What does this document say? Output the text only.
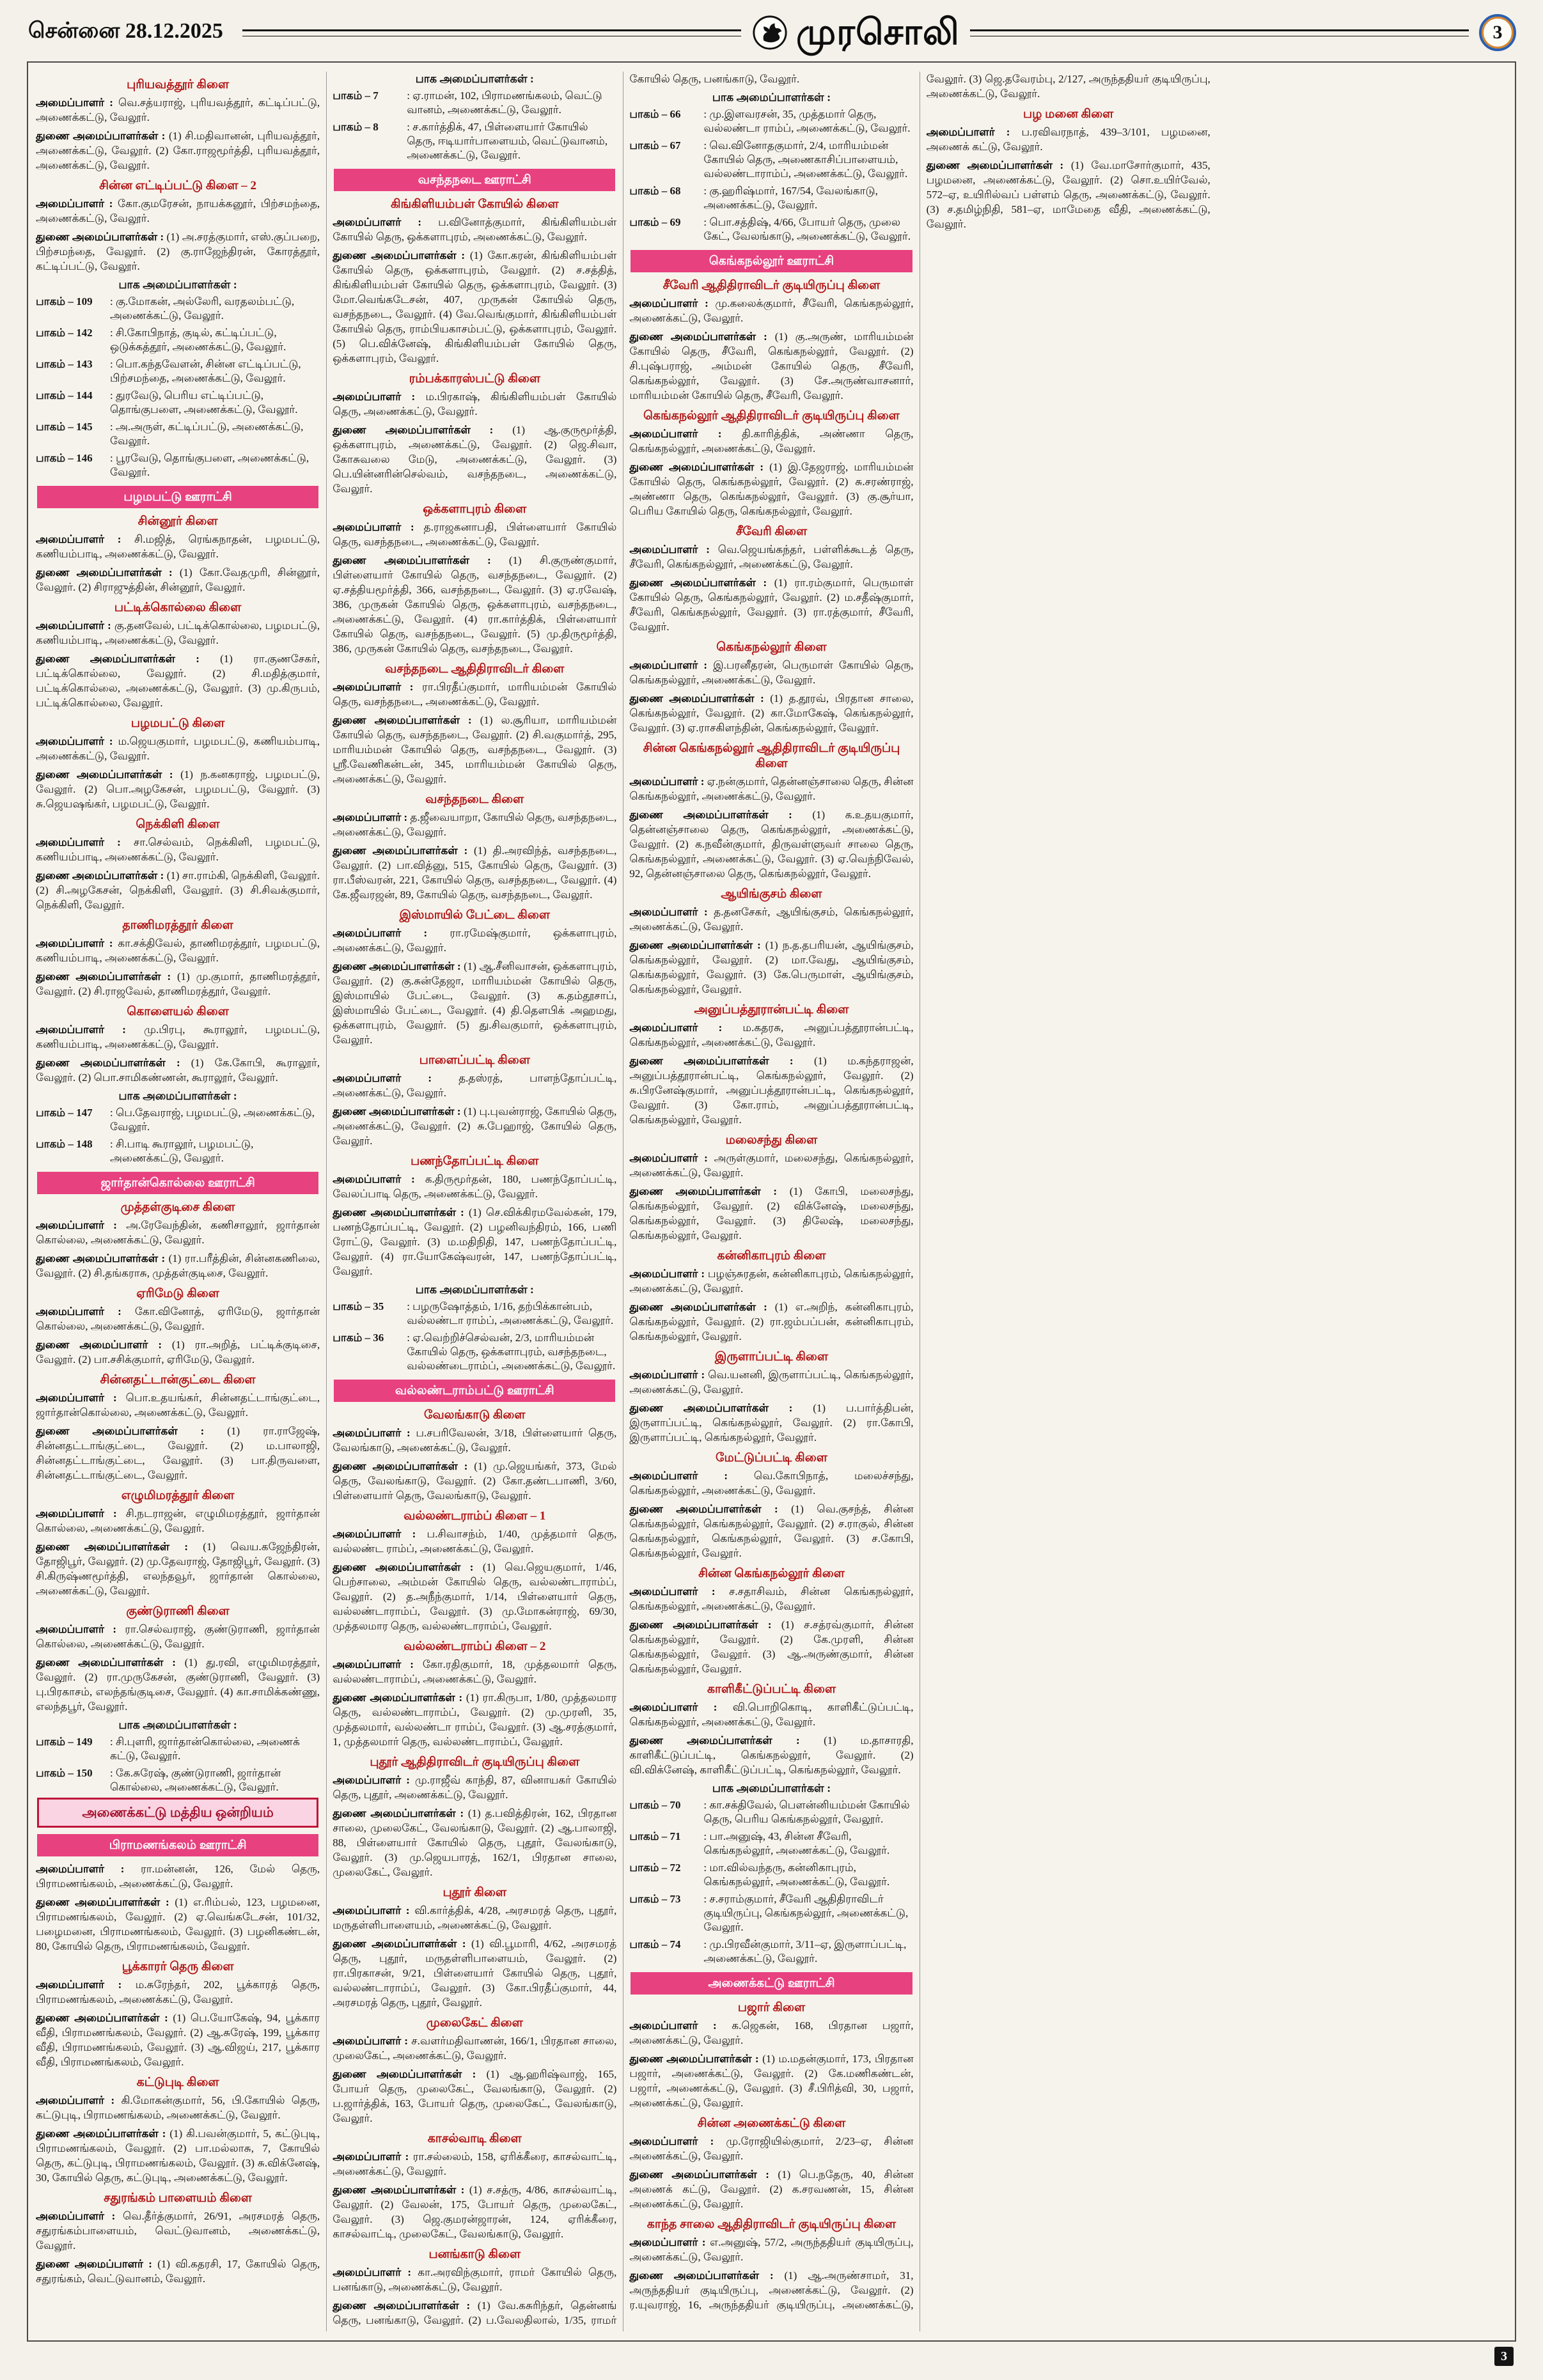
சென்னை 28.12.2025	முரசொலி	3
புரியவத்தூர் கிளை
அமைப்பாளர் : வெ.சத்யராஜ், புரியவத்தூர், கட்டிப்பட்டு, அணைக்கட்டு, வேலூர்.
துணை அமைப்பாளர்கள் : (1) சி.மதிவானன், புரியவத்தூர், அணைக்கட்டு, வேலூர். (2) கோ.ராஜமூர்த்தி, புரியவத்தூர், அணைக்கட்டு, வேலூர்.
சின்ன எட்டிப்பட்டு கிளை – 2
அமைப்பாளர் : கோ.குமரேசன், நாயக்கனூர், பிற்சமந்தை, அணைக்கட்டு, வேலூர்.
துணை அமைப்பாளர்கள் : (1) அ.சரத்குமார், எஸ்.குப்பறை, பிற்சமந்தை, வேலூர். (2) கு.ராஜேந்திரன், கோரத்தூர், கட்டிப்பட்டு, வேலூர்.
பாக அமைப்பாளர்கள் :
பாகம் – 109	: கு.மோகன், அல்லேரி, வரதலம்பட்டு, அணைக்கட்டு, வேலூர்.
பாகம் – 142	: சி.கோபிநாத், குடில், கட்டிப்பட்டு, ஒடுக்கத்தூர், அணைக்கட்டு, வேலூர்.
பாகம் – 143	: பொ.கந்தவேளன், சின்ன எட்டிப்பட்டு, பிற்சமந்தை, அணைக்கட்டு, வேலூர்.
பாகம் – 144	: துரவேடு, பெரிய எட்டிப்பட்டு, தொங்குபளை, அணைக்கட்டு, வேலூர்.
பாகம் – 145	: அ.அருள், கட்டிப்பட்டு, அணைக்கட்டு, வேலூர்.
பாகம் – 146	: பூரவேடு, தொங்குபளை, அணைக்கட்டு, வேலூர்.
பழமபட்டு ஊராட்சி
சின்னூர் கிளை
அமைப்பாளர் : சி.மஜித், ரெங்கநாதன், பழமபட்டு, கணியம்பாடி, அணைக்கட்டு, வேலூர்.
துணை அமைப்பாளர்கள் : (1) கோ.வேதமுரி, சின்னூர், வேலூர். (2) சிராஜுத்தின், சின்னூர், வேலூர்.
பட்டிக்கொல்லை கிளை
அமைப்பாளர் : கு.தனவேல், பட்டிக்கொல்லை, பழமபட்டு, கணியம்பாடி, அணைக்கட்டு, வேலூர்.
துணை அமைப்பாளர்கள் : (1) ரா.குணசேகர், பட்டிக்கொல்லை, வேலூர். (2) சி.மதித்குமார், பட்டிக்கொல்லை, அணைக்கட்டு, வேலூர். (3) மு.கிருபம், பட்டிக்கொல்லை, வேலூர்.
பழமபட்டு கிளை
அமைப்பாளர் : ம.ஜெயகுமார், பழமபட்டு, கணியம்பாடி, அணைக்கட்டு, வேலூர்.
துணை அமைப்பாளர்கள் : (1) ந.கனகராஜ், பழமபட்டு, வேலூர். (2) பொ.அழகேசன், பழமபட்டு, வேலூர். (3) சு.ஜெயஷங்கர், பழமபட்டு, வேலூர்.
நெக்கிளி கிளை
அமைப்பாளர் : சா.செல்வம், நெக்கிளி, பழமபட்டு, கணியம்பாடி, அணைக்கட்டு, வேலூர்.
துணை அமைப்பாளர்கள் : (1) சா.ராம்கி, நெக்கிளி, வேலூர். (2) சி.அழகேசன், நெக்கிளி, வேலூர். (3) சி.சிவக்குமார், நெக்கிளி, வேலூர்.
தாணிமரத்தூர் கிளை
அமைப்பாளர் : கா.சக்திவேல், தாணிமரத்தூர், பழமபட்டு, கணியம்பாடி, அணைக்கட்டு, வேலூர்.
துணை அமைப்பாளர்கள் : (1) மு.குமார், தாணிமரத்தூர், வேலூர். (2) சி.ராஜவேல், தாணிமரத்தூர், வேலூர்.
கொளையல் கிளை
அமைப்பாளர் : மு.பிரபு, கூராலூர், பழமபட்டு, கணியம்பாடி, அணைக்கட்டு, வேலூர்.
துணை அமைப்பாளர்கள் : (1) கே.கோபி, கூராலூர், வேலூர். (2) பொ.சாமிகண்ணன், கூராலூர், வேலூர்.
பாக அமைப்பாளர்கள் :
பாகம் – 147	: பெ.தேவராஜ், பழமபட்டு, அணைக்கட்டு, வேலூர்.
பாகம் – 148	: சி.பாடி கூராலூர், பழமபட்டு, அணைக்கட்டு, வேலூர்.
ஜார்தான்கொல்லை ஊராட்சி
முத்தள்குடிசை கிளை
அமைப்பாளர் : அ.ரேவேந்தின், கணிசாலூர், ஜார்தான் கொல்லை, அணைக்கட்டு, வேலூர்.
துணை அமைப்பாளர்கள் : (1) ரா.பரீத்தின், சின்னகணிலை, வேலூர். (2) சி.தங்கராசு, முத்தள்குடிசை, வேலூர்.
ஏரிமேடு கிளை
அமைப்பாளர் : கோ.வினோத், ஏரிமேடு, ஜார்தான் கொல்லை, அணைக்கட்டு, வேலூர்.
துணை அமைப்பாளர் : (1) ரா.அறித், பட்டிக்குடிசை, வேலூர். (2) பா.சசிக்குமார், ஏரிமேடு, வேலூர்.
சின்னதட்டான்குட்டை கிளை
அமைப்பாளர் : பொ.உதயங்கர், சின்னதட்டாங்குட்டை, ஜார்தான்கொல்லை, அணைக்கட்டு, வேலூர்.
துணை அமைப்பாளர்கள் : (1) ரா.ராஜேஷ், சின்னதட்டாங்குட்டை, வேலூர். (2) ம.பாலாஜி, சின்னதட்டாங்குட்டை, வேலூர். (3) பா.திருவளை, சின்னதட்டாங்குட்டை, வேலூர்.
எழுமிமரத்தூர் கிளை
அமைப்பாளர் : சி.நடராஜன், எழுமிமரத்தூர், ஜார்தான் கொல்லை, அணைக்கட்டு, வேலூர்.
துணை அமைப்பாளர்கள் : (1) வெய.கஜேந்திரன், தோஜிபூர், வேலூர். (2) மு.தேவராஜ், தோஜிபூர், வேலூர். (3) சி.கிருஷ்ணமூர்த்தி, எலந்தவூர், ஜார்தான் கொல்லை, அணைக்கட்டு, வேலூர்.
குண்டுராணி கிளை
அமைப்பாளர் : ரா.செல்வராஜ், குண்டுராணி, ஜார்தான் கொல்லை, அணைக்கட்டு, வேலூர்.
துணை அமைப்பாளர்கள் : (1) து.ரவி, எழுமிமரத்தூர், வேலூர். (2) ரா.முருகேசன், குண்டுராணி, வேலூர். (3) பு.பிரகாசம், எலந்தங்குடிசை, வேலூர். (4) கா.சாமிக்கண்ணு, எலந்தபூர், வேலூர்.
பாக அமைப்பாளர்கள் :
பாகம் – 149	: சி.புளரி, ஜார்தான்கொல்லை, அணைக் கட்டு, வேலூர்.
பாகம் – 150	: கே.சுரேஷ், குண்டுராணி, ஜார்தான் கொல்லை, அணைக்கட்டு, வேலூர்.
அணைக்கட்டு மத்திய ஒன்றியம்
பிராமணங்கலம் ஊராட்சி
அமைப்பாளர் : ரா.மன்னன், 126, மேல் தெரு, பிராமணங்கலம், அணைக்கட்டு, வேலூர்.
துணை அமைப்பாளர்கள் : (1) எ.ரிம்பல், 123, பழமனை, பிராமணங்கலம், வேலூர். (2) ஏ.வெங்கடேசன், 101/32, பழைமனை, பிராமணங்கலம், வேலூர். (3) பழனிகண்டன், 80, கோயில் தெரு, பிராமணங்கலம், வேலூர்.
பூக்காரர் தெரு கிளை
அமைப்பாளர் : ம.சுரேந்தர், 202, பூக்காரத் தெரு, பிராமணங்கலம், அணைக்கட்டு, வேலூர்.
துணை அமைப்பாளர்கள் : (1) பெ.யோகேஷ், 94, பூக்கார வீதி, பிராமணங்கலம், வேலூர். (2) ஆ.சுரேஷ், 199, பூக்கார வீதி, பிராமணங்கலம், வேலூர். (3) ஆ.விஜய், 217, பூக்கார வீதி, பிராமணங்கலம், வேலூர்.
கட்டுபுடி கிளை
அமைப்பாளர் : கி.மோகன்குமார், 56, பி.கோயில் தெரு, கட்டுபுடி, பிராமணங்கலம், அணைக்கட்டு, வேலூர்.
துணை அமைப்பாளர்கள் : (1) கி.பவன்குமார், 5, கட்டுபுடி, பிராமணங்கலம், வேலூர். (2) பா.மல்லாசு, 7, கோயில் தெரு, கட்டுபுடி, பிராமணங்கலம், வேலூர். (3) சு.விக்னேஷ், 30, கோயில் தெரு, கட்டுபுடி, அணைக்கட்டு, வேலூர்.
சதுரங்கம் பாளையம் கிளை
அமைப்பாளர் : வெ.தீர்த்குமார், 26/91, அரசமரத் தெரு, சதுரங்கம்பாளையம், வெட்டுவானம், அணைக்கட்டு, வேலூர்.
துணை அமைப்பாளர் : (1) வி.கதரசி, 17, கோயில் தெரு, சதுரங்கம், வெட்டுவானம், வேலூர்.
பாக அமைப்பாளர்கள் :
பாகம் – 7	: ஏ.ராமன், 102, பிராமணங்கலம், வெட்டு வானம், அணைக்கட்டு, வேலூர்.
பாகம் – 8	: ச.கார்த்திக், 47, பிள்ளையார் கோயில் தெரு, ஈடியார்பாளையம், வெட்டுவானம், அணைக்கட்டு, வேலூர்.
வசந்தநடை ஊராட்சி
கிங்கிளியம்பள் கோயில் கிளை
அமைப்பாளர் : ப.வினோத்குமார், கிங்கிளியம்பள் கோயில் தெரு, ஒக்களாபுரம், அணைக்கட்டு, வேலூர்.
துணை அமைப்பாளர்கள் : (1) கோ.கரன், கிங்கிளியம்பள் கோயில் தெரு, ஒக்களாபுரம், வேலூர். (2) ச.சத்தித், கிங்கிளியம்பள் கோயில் தெரு, ஒக்களாபுரம், வேலூர். (3) மோ.வெங்கடேசன், 407, முருகன் கோயில் தெரு, வசந்தநடை, வேலூர். (4) வே.வெங்குமார், கிங்கிளியம்பள் கோயில் தெரு, ராம்பியகாசம்பட்டு, ஒக்களாபுரம், வேலூர். (5) பெ.விக்னேஷ், கிங்கிளியம்பள் கோயில் தெரு, ஒக்களாபுரம், வேலூர்.
ரம்பக்காரஸ்பட்டு கிளை
அமைப்பாளர் : ம.பிரகாஷ், கிங்கிளியம்பள் கோயில் தெரு, அணைக்கட்டு, வேலூர்.
துணை அமைப்பாளர்கள் : (1) ஆ.குருமூர்த்தி, ஒக்களாபுரம், அணைக்கட்டு, வேலூர். (2) ஜெ.சிவா, கோசுவலை மேடு, அணைக்கட்டு, வேலூர். (3) பெ.யின்னரின்செல்வம், வசந்தநடை, அணைக்கட்டு, வேலூர்.
ஒக்களாபுரம் கிளை
அமைப்பாளர் : த.ராஜகனாபதி, பிள்ளையார் கோயில் தெரு, வசந்தநடை, அணைக்கட்டு, வேலூர்.
துணை அமைப்பாளர்கள் : (1) சி.குருண்குமார், பிள்ளையார் கோயில் தெரு, வசந்தநடை, வேலூர். (2) ஏ.சத்தியமூர்த்தி, 366, வசந்தநடை, வேலூர். (3) ஏ.ரவேஷ், 386, முருகன் கோயில் தெரு, ஒக்களாபுரம், வசந்தநடை, அணைக்கட்டு, வேலூர். (4) ரா.கார்த்திக், பிள்ளையார் கோயில் தெரு, வசந்தநடை, வேலூர். (5) மு.திருமூர்த்தி, 386, முருகன் கோயில் தெரு, வசந்தநடை, வேலூர்.
வசந்தநடை ஆதிதிராவிடர் கிளை
அமைப்பாளர் : ரா.பிரதீப்குமார், மாரியம்மன் கோயில் தெரு, வசந்தநடை, அணைக்கட்டு, வேலூர்.
துணை அமைப்பாளர்கள் : (1) ல.சூரியா, மாரியம்மன் கோயில் தெரு, வசந்தநடை, வேலூர். (2) சி.வகுமார்த், 295, மாரியம்மன் கோயில் தெரு, வசந்தநடை, வேலூர். (3) ஸ்ரீ.வேணிகன்டன், 345, மாரியம்மன் கோயில் தெரு, அணைக்கட்டு, வேலூர்.
வசந்தநடை கிளை
அமைப்பாளர் : த.ஜீவையாறா, கோயில் தெரு, வசந்தநடை, அணைக்கட்டு, வேலூர்.
துணை அமைப்பாளர்கள் : (1) தி.அரவிந்த், வசந்தநடை, வேலூர். (2) பா.வித்னு, 515, கோயில் தெரு, வேலூர். (3) ரா.பீஸ்வரன், 221, கோயில் தெரு, வசந்தநடை, வேலூர். (4) கே.ஜீவரஜன், 89, கோயில் தெரு, வசந்தநடை, வேலூர்.
இஸ்மாயில் பேட்டை கிளை
அமைப்பாளர் : ரா.ரமேஷ்குமார், ஒக்களாபுரம், அணைக்கட்டு, வேலூர்.
துணை அமைப்பாளர்கள் : (1) ஆ.சீனிவாசன், ஒக்களாபுரம், வேலூர். (2) கு.சுன்தேஜா, மாரியம்மன் கோயில் தெரு, இஸ்மாயில் பேட்டை, வேலூர். (3) க.தம்தூசாப், இஸ்மாயில் பேட்டை, வேலூர். (4) தி.தௌபிக் அஹமது, ஒக்களாபுரம், வேலூர். (5) து.சிவகுமார், ஒக்களாபுரம், வேலூர்.
பாளைப்பட்டி கிளை
அமைப்பாளர் : த.தஸ்ரத், பாளந்தோப்பட்டி, அணைக்கட்டு, வேலூர்.
துணை அமைப்பாளர்கள் : (1) பு.புவன்ராஜ், கோயில் தெரு, அணைக்கட்டு, வேலூர். (2) சு.பேஹாஜ், கோயில் தெரு, வேலூர்.
பணந்தோப்பட்டி கிளை
அமைப்பாளர் : க.திருமூர்தன், 180, பணந்தோப்பட்டி, வேலப்பாடி தெரு, அணைக்கட்டு, வேலூர்.
துணை அமைப்பாளர்கள் : (1) செ.விக்கிரமவேல்கன், 179, பணந்தோப்பட்டி, வேலூர். (2) பழனிவந்திரம், 166, பணி ரோட்டு, வேலூர். (3) ம.மதிநிதி, 147, பணந்தோப்பட்டி, வேலூர். (4) ரா.யோகேஷ்வரன், 147, பணந்தோப்பட்டி, வேலூர்.
பாக அமைப்பாளர்கள் :
பாகம் – 35	: பழருஷோத்தம், 1/16, தற்பிக்கான்பம், வல்லண்டா ராம்ப், அணைக்கட்டு, வேலூர்.
பாகம் – 36	: ஏ.வெற்றிச்செல்வன், 2/3, மாரியம்மன் கோயில் தெரு, ஒக்களாபுரம், வசந்தநடை, வல்லண்டைராம்ப், அணைக்கட்டு, வேலூர்.
வல்லண்டராம்பட்டு ஊராட்சி
வேலங்காடு கிளை
அமைப்பாளர் : ப.சபரிவேலன், 3/18, பிள்ளையார் தெரு, வேலங்காடு, அணைக்கட்டு, வேலூர்.
துணை அமைப்பாளர்கள் : (1) மு.ஜெயங்கர், 373, மேல் தெரு, வேலங்காடு, வேலூர். (2) கோ.தண்டபாணி, 3/60, பிள்ளையார் தெரு, வேலங்காடு, வேலூர்.
வல்லண்டராம்ப் கிளை – 1
அமைப்பாளர் : ப.சிவாசந்ம், 1/40, முத்தமார் தெரு, வல்லண்ட ராம்ப், அணைக்கட்டு, வேலூர்.
துணை அமைப்பாளர்கள் : (1) வெ.ஜெயகுமார், 1/46, பெற்சாலை, அம்மன் கோயில் தெரு, வல்லண்டாராம்ப், வேலூர். (2) த.அநீந்குமார், 1/14, பிள்ளையார் தெரு, வல்லண்டாராம்ப், வேலூர். (3) மு.மோகன்ராஜ், 69/30, முத்தலமார தெரு, வல்லண்டாராம்ப், வேலூர்.
வல்லண்டராம்ப் கிளை – 2
அமைப்பாளர் : கோ.ரதிகுமார், 18, முத்தலமார் தெரு, வல்லண்டாராம்ப், அணைக்கட்டு, வேலூர்.
துணை அமைப்பாளர்கள் : (1) ரா.கிருபா, 1/80, முத்தலமார தெரு, வல்லண்டாராம்ப், வேலூர். (2) மு.முரளி, 35, முத்தலமார், வல்லண்டா ராம்ப், வேலூர். (3) ஆ.சரத்குமார், 1, முத்தலமார் தெரு, வல்லண்டாராம்ப், வேலூர்.
புதூர் ஆதிதிராவிடர் குடியிருப்பு கிளை
அமைப்பாளர் : மு.ராஜீவ் காந்தி, 87, வினாயகர் கோயில் தெரு, புதூர், அணைக்கட்டு, வேலூர்.
துணை அமைப்பாளர்கள் : (1) த.பவித்திரன், 162, பிரதான சாலை, முலைகேட், வேலங்காடு, வேலூர். (2) ஆ.பாலாஜி, 88, பிள்ளையார் கோயில் தெரு, புதூர், வேலங்காடு, வேலூர். (3) மு.ஜெயபாரத், 162/1, பிரதான சாலை, முலைகேட், வேலூர்.
புதூர் கிளை
அமைப்பாளர் : வி.கார்த்திக், 4/28, அரசமரத் தெரு, புதூர், மருதள்ளிபாளையம், அணைக்கட்டு, வேலூர்.
துணை அமைப்பாளர்கள் : (1) வி.பூமாரி, 4/62, அரசமரத் தெரு, புதூர், மருதள்ளிபாளையம், வேலூர். (2) ரா.பிரகாசன், 9/21, பிள்ளையார் கோயில் தெரு, புதூர், வல்லண்டாராம்ப், வேலூர். (3) கோ.பிரதீப்குமார், 44, அரசமரத் தெரு, புதூர், வேலூர்.
முலைகேட் கிளை
அமைப்பாளர் : ச.வளர்மதிவாணன், 166/1, பிரதான சாலை, முலைகேட், அணைக்கட்டு, வேலூர்.
துணை அமைப்பாளர்கள் : (1) ஆ.ஹரிஷ்வாஜ், 165, போயர் தெரு, முலைகேட், வேலங்காடு, வேலூர். (2) ப.ஜார்த்திக், 163, போயர் தெரு, முலைகேட், வேலங்காடு, வேலூர்.
காசல்வாடி கிளை
அமைப்பாளர் : ரா.சல்லைம், 158, ஏரிக்கீரை, காசல்வாட்டி, அணைக்கட்டு, வேலூர்.
துணை அமைப்பாளர்கள் : (1) ச.சத்ரு, 4/86, காசல்வாட்டி, வேலூர். (2) வேலன், 175, போயர் தெரு, முலைகேட், வேலூர். (3) ஜெ.குமரன்ஜாரன், 124, ஏரிக்கீரை, காசல்வாட்டி, முலைகேட், வேலங்காடு, வேலூர்.
பனங்காடு கிளை
அமைப்பாளர் : கா.அரவிந்குமார், ராமர் கோயில் தெரு, பனங்காடு, அணைக்கட்டு, வேலூர்.
துணை அமைப்பாளர்கள் : (1) வே.கசுரிந்தர், தென்னங் தெரு, பனங்காடு, வேலூர். (2) ப.வேலதிலால், 1/35, ராமர் கோயில் தெரு, பனங்காடு, வேலூர்.
பாக அமைப்பாளர்கள் :
பாகம் – 66	: மு.இளவரசன், 35, முத்தமார் தெரு, வல்லண்டா ராம்ப், அணைக்கட்டு, வேலூர்.
பாகம் – 67	: வெ.வினோதகுமார், 2/4, மாரியம்மன் கோயில் தெரு, அணைகாசிப்பாளையம், வல்லண்டாராம்ப், அணைக்கட்டு, வேலூர்.
பாகம் – 68	: கு.ஹரிஷ்மார், 167/54, வேலங்காடு, அணைக்கட்டு, வேலூர்.
பாகம் – 69	: பொ.சத்திஷ், 4/66, போயர் தெரு, முலை கேட், வேலங்காடு, அணைக்கட்டு, வேலூர்.
கெங்கநல்லூர் ஊராட்சி
சீவேரி ஆதிதிராவிடர் குடியிருப்பு கிளை
அமைப்பாளர் : மு.கலைக்குமார், சீவேரி, கெங்கநல்லூர், அணைக்கட்டு, வேலூர்.
துணை அமைப்பாளர்கள் : (1) கு.அருண், மாரியம்மன் கோயில் தெரு, சீவேரி, கெங்கநல்லூர், வேலூர். (2) சி.புஷ்பராஜ், அம்மன் கோயில் தெரு, சீவேரி, கெங்கநல்லூர், வேலூர். (3) சே.அருண்வாசனார், மாரியம்மன் கோயில் தெரு, சீவேரி, வேலூர்.
கெங்கநல்லூர் ஆதிதிராவிடர் குடியிருப்பு கிளை
அமைப்பாளர் : தி.காரித்திக், அண்ணா தெரு, கெங்கநல்லூர், அணைக்கட்டு, வேலூர்.
துணை அமைப்பாளர்கள் : (1) இ.தேஜராஜ், மாரியம்மன் கோயில் தெரு, கெங்கநல்லூர், வேலூர். (2) சு.சரண்ராஜ், அண்ணா தெரு, கெங்கநல்லூர், வேலூர். (3) கு.சூர்யா, பெரிய கோயில் தெரு, கெங்கநல்லூர், வேலூர்.
சீவேரி கிளை
அமைப்பாளர் : வெ.ஜெயங்கந்தர், பள்ளிக்கூடத் தெரு, சீவேரி, கெங்கநல்லூர், அணைக்கட்டு, வேலூர்.
துணை அமைப்பாளர்கள் : (1) ரா.ரம்குமார், பெருமாள் கோயில் தெரு, கெங்கநல்லூர், வேலூர். (2) ம.சதீஷ்குமார், சீவேரி, கெங்கநல்லூர், வேலூர். (3) ரா.ரத்குமார், சீவேரி, வேலூர்.
கெங்கநல்லூர் கிளை
அமைப்பாளர் : இ.பரனீதரன், பெருமாள் கோயில் தெரு, கெங்கநல்லூர், அணைக்கட்டு, வேலூர்.
துணை அமைப்பாளர்கள் : (1) த.தூரவ், பிரதான சாலை, கெங்கநல்லூர், வேலூர். (2) கா.மோகேஷ், கெங்கநல்லூர், வேலூர். (3) ஏ.ராசகிளந்தின், கெங்கநல்லூர், வேலூர்.
சின்ன கெங்கநல்லூர் ஆதிதிராவிடர் குடியிருப்பு கிளை
அமைப்பாளர் : ஏ.நன்குமார், தென்னஞ்சாலை தெரு, சின்ன கெங்கநல்லூர், அணைக்கட்டு, வேலூர்.
துணை அமைப்பாளர்கள் : (1) க.உதயகுமார், தென்னஞ்சாலை தெரு, கெங்கநல்லூர், அணைக்கட்டு, வேலூர். (2) க.நவீன்குமார், திருவள்ளுவர் சாலை தெரு, கெங்கநல்லூர், அணைக்கட்டு, வேலூர். (3) ஏ.வெந்நிவேல், 92, தென்னஞ்சாலை தெரு, கெங்கநல்லூர், வேலூர்.
ஆயிங்குசம் கிளை
அமைப்பாளர் : த.தனசேகர், ஆயிங்குசம், கெங்கநல்லூர், அணைக்கட்டு, வேலூர்.
துணை அமைப்பாளர்கள் : (1) ந.த.தபரியன், ஆயிங்குசம், கெங்கநல்லூர், வேலூர். (2) மா.வேது, ஆயிங்குசம், கெங்கநல்லூர், வேலூர். (3) கே.பெருமாள், ஆயிங்குசம், கெங்கநல்லூர், வேலூர்.
அனுப்பத்தூரான்பட்டி கிளை
அமைப்பாளர் : ம.கதரசு, அனுப்பத்தூரான்பட்டி, கெங்கநல்லூர், அணைக்கட்டு, வேலூர்.
துணை அமைப்பாளர்கள் : (1) ம.கந்தராஜன், அனுப்பத்தூரான்பட்டி, கெங்கநல்லூர், வேலூர். (2) சு.பிரனேஷ்குமார், அனுப்பத்தூரான்பட்டி, கெங்கநல்லூர், வேலூர். (3) கோ.ராம், அனுப்பத்தூரான்பட்டி, கெங்கநல்லூர், வேலூர்.
மலைசந்து கிளை
அமைப்பாளர் : அருள்குமார், மலைசந்து, கெங்கநல்லூர், அணைக்கட்டு, வேலூர்.
துணை அமைப்பாளர்கள் : (1) கோபி, மலைசந்து, கெங்கநல்லூர், வேலூர். (2) விக்னேஷ், மலைசந்து, கெங்கநல்லூர், வேலூர். (3) திலேஷ், மலைசந்து, கெங்கநல்லூர், வேலூர்.
கன்னிகாபுரம் கிளை
அமைப்பாளர் : பழஞ்சுரதன், கன்னிகாபுரம், கெங்கநல்லூர், அணைக்கட்டு, வேலூர்.
துணை அமைப்பாளர்கள் : (1) எ.அறிந், கன்னிகாபுரம், கெங்கநல்லூர், வேலூர். (2) ரா.ஜம்பப்பன், கன்னிகாபுரம், கெங்கநல்லூர், வேலூர்.
இருளாப்பட்டி கிளை
அமைப்பாளர் : வெ.யனனி, இருளாப்பட்டி, கெங்கநல்லூர், அணைக்கட்டு, வேலூர்.
துணை அமைப்பாளர்கள் : (1) ப.பார்த்திபன், இருளாப்பட்டி, கெங்கநல்லூர், வேலூர். (2) ரா.கோபி, இருளாப்பட்டி, கெங்கநல்லூர், வேலூர்.
மேட்டுப்பட்டி கிளை
அமைப்பாளர் : வெ.கோபிநாத், மலைச்சந்து, கெங்கநல்லூர், அணைக்கட்டு, வேலூர்.
துணை அமைப்பாளர்கள் : (1) வெ.குசந்த், சின்ன கெங்கநல்லூர், கெங்கநல்லூர், வேலூர். (2) ச.ராகுல், சின்ன கெங்கநல்லூர், கெங்கநல்லூர், வேலூர். (3) ச.கோபி, கெங்கநல்லூர், வேலூர்.
சின்ன கெங்கநல்லூர் கிளை
அமைப்பாளர் : ச.சதாசிவம், சின்ன கெங்கநல்லூர், கெங்கநல்லூர், அணைக்கட்டு, வேலூர்.
துணை அமைப்பாளர்கள் : (1) ச.சத்ரவ்குமார், சின்ன கெங்கநல்லூர், வேலூர். (2) கே.முரளி, சின்ன கெங்கநல்லூர், வேலூர். (3) ஆ.அருண்குமார், சின்ன கெங்கநல்லூர், வேலூர்.
காளிகீட்டுப்பட்டி கிளை
அமைப்பாளர் : வி.பொறிகொடி, காளிகீட்டுப்பட்டி, கெங்கநல்லூர், அணைக்கட்டு, வேலூர்.
துணை அமைப்பாளர்கள் : (1) ம.தாசாரதி, காளிகீட்டுப்பட்டி, கெங்கநல்லூர், வேலூர். (2) வி.விக்னேஷ், காளிகீட்டுப்பட்டி, கெங்கநல்லூர், வேலூர்.
பாக அமைப்பாளர்கள் :
பாகம் – 70	: கா.சக்திவேல், பௌன்னியம்மன் கோயில் தெரு, பெரிய கெங்கநல்லூர், வேலூர்.
பாகம் – 71	: பா.அனுஷ், 43, சின்ன சீவேரி, கெங்கநல்லூர், அணைக்கட்டு, வேலூர்.
பாகம் – 72	: மா.வில்வந்தரு, கன்னிகாபுரம், கெங்கநல்லூர், அணைக்கட்டு, வேலூர்.
பாகம் – 73	: ச.சராம்குமார், சீவேரி ஆதிதிராவிடர் குடியிருப்பு, கெங்கநல்லூர், அணைக்கட்டு, வேலூர்.
பாகம் – 74	: மு.பிரவீன்குமார், 3/11–ஏ, இருளாப்பட்டி, அணைக்கட்டு, வேலூர்.
அணைக்கட்டு ஊராட்சி
பஜார் கிளை
அமைப்பாளர் : க.ஜெகன், 168, பிரதான பஜார், அணைக்கட்டு, வேலூர்.
துணை அமைப்பாளர்கள் : (1) ம.மதன்குமார், 173, பிரதான பஜார், அணைக்கட்டு, வேலூர். (2) கே.மணிகண்டன், பஜார், அணைக்கட்டு, வேலூர். (3) சீ.பிரித்வி, 30, பஜார், அணைக்கட்டு, வேலூர்.
சின்ன அணைக்கட்டு கிளை
அமைப்பாளர் : மு.ரோஜியில்குமார், 2/23–ஏ, சின்ன அணைக்கட்டு, வேலூர்.
துணை அமைப்பாளர்கள் : (1) பெ.நதேரு, 40, சின்ன அணைக் கட்டு, வேலூர். (2) க.சரவணன், 15, சின்ன அணைக்கட்டு, வேலூர்.
காந்த சாலை ஆதிதிராவிடர் குடியிருப்பு கிளை
அமைப்பாளர் : எ.அனுஷ், 57/2, அருந்ததியர் குடியிருப்பு, அணைக்கட்டு, வேலூர்.
துணை அமைப்பாளர்கள் : (1) ஆ.அருண்சாமர், 31, அருந்ததியர் குடியிருப்பு, அணைக்கட்டு, வேலூர். (2) ர.யுவராஜ், 16, அருந்ததியர் குடியிருப்பு, அணைக்கட்டு, வேலூர். (3) ஜெ.தவேரம்பு, 2/127, அருந்ததியர் குடியிருப்பு, அணைக்கட்டு, வேலூர்.
பழ மனை கிளை
அமைப்பாளர் : ப.ரவிவரநாத், 439–3/101, பழமனை, அணைக் கட்டு, வேலூர்.
துணை அமைப்பாளர்கள் : (1) வே.மாசோர்குமார், 435, பழமனை, அணைக்கட்டு, வேலூர். (2) சொ.உயிர்வேல், 572–ஏ, உயிரில்வப் பள்ளம் தெரு, அணைக்கட்டு, வேலூர். (3) ச.தமிழ்நிதி, 581–ஏ, மாமேதை வீதி, அணைக்கட்டு, வேலூர்.
3
